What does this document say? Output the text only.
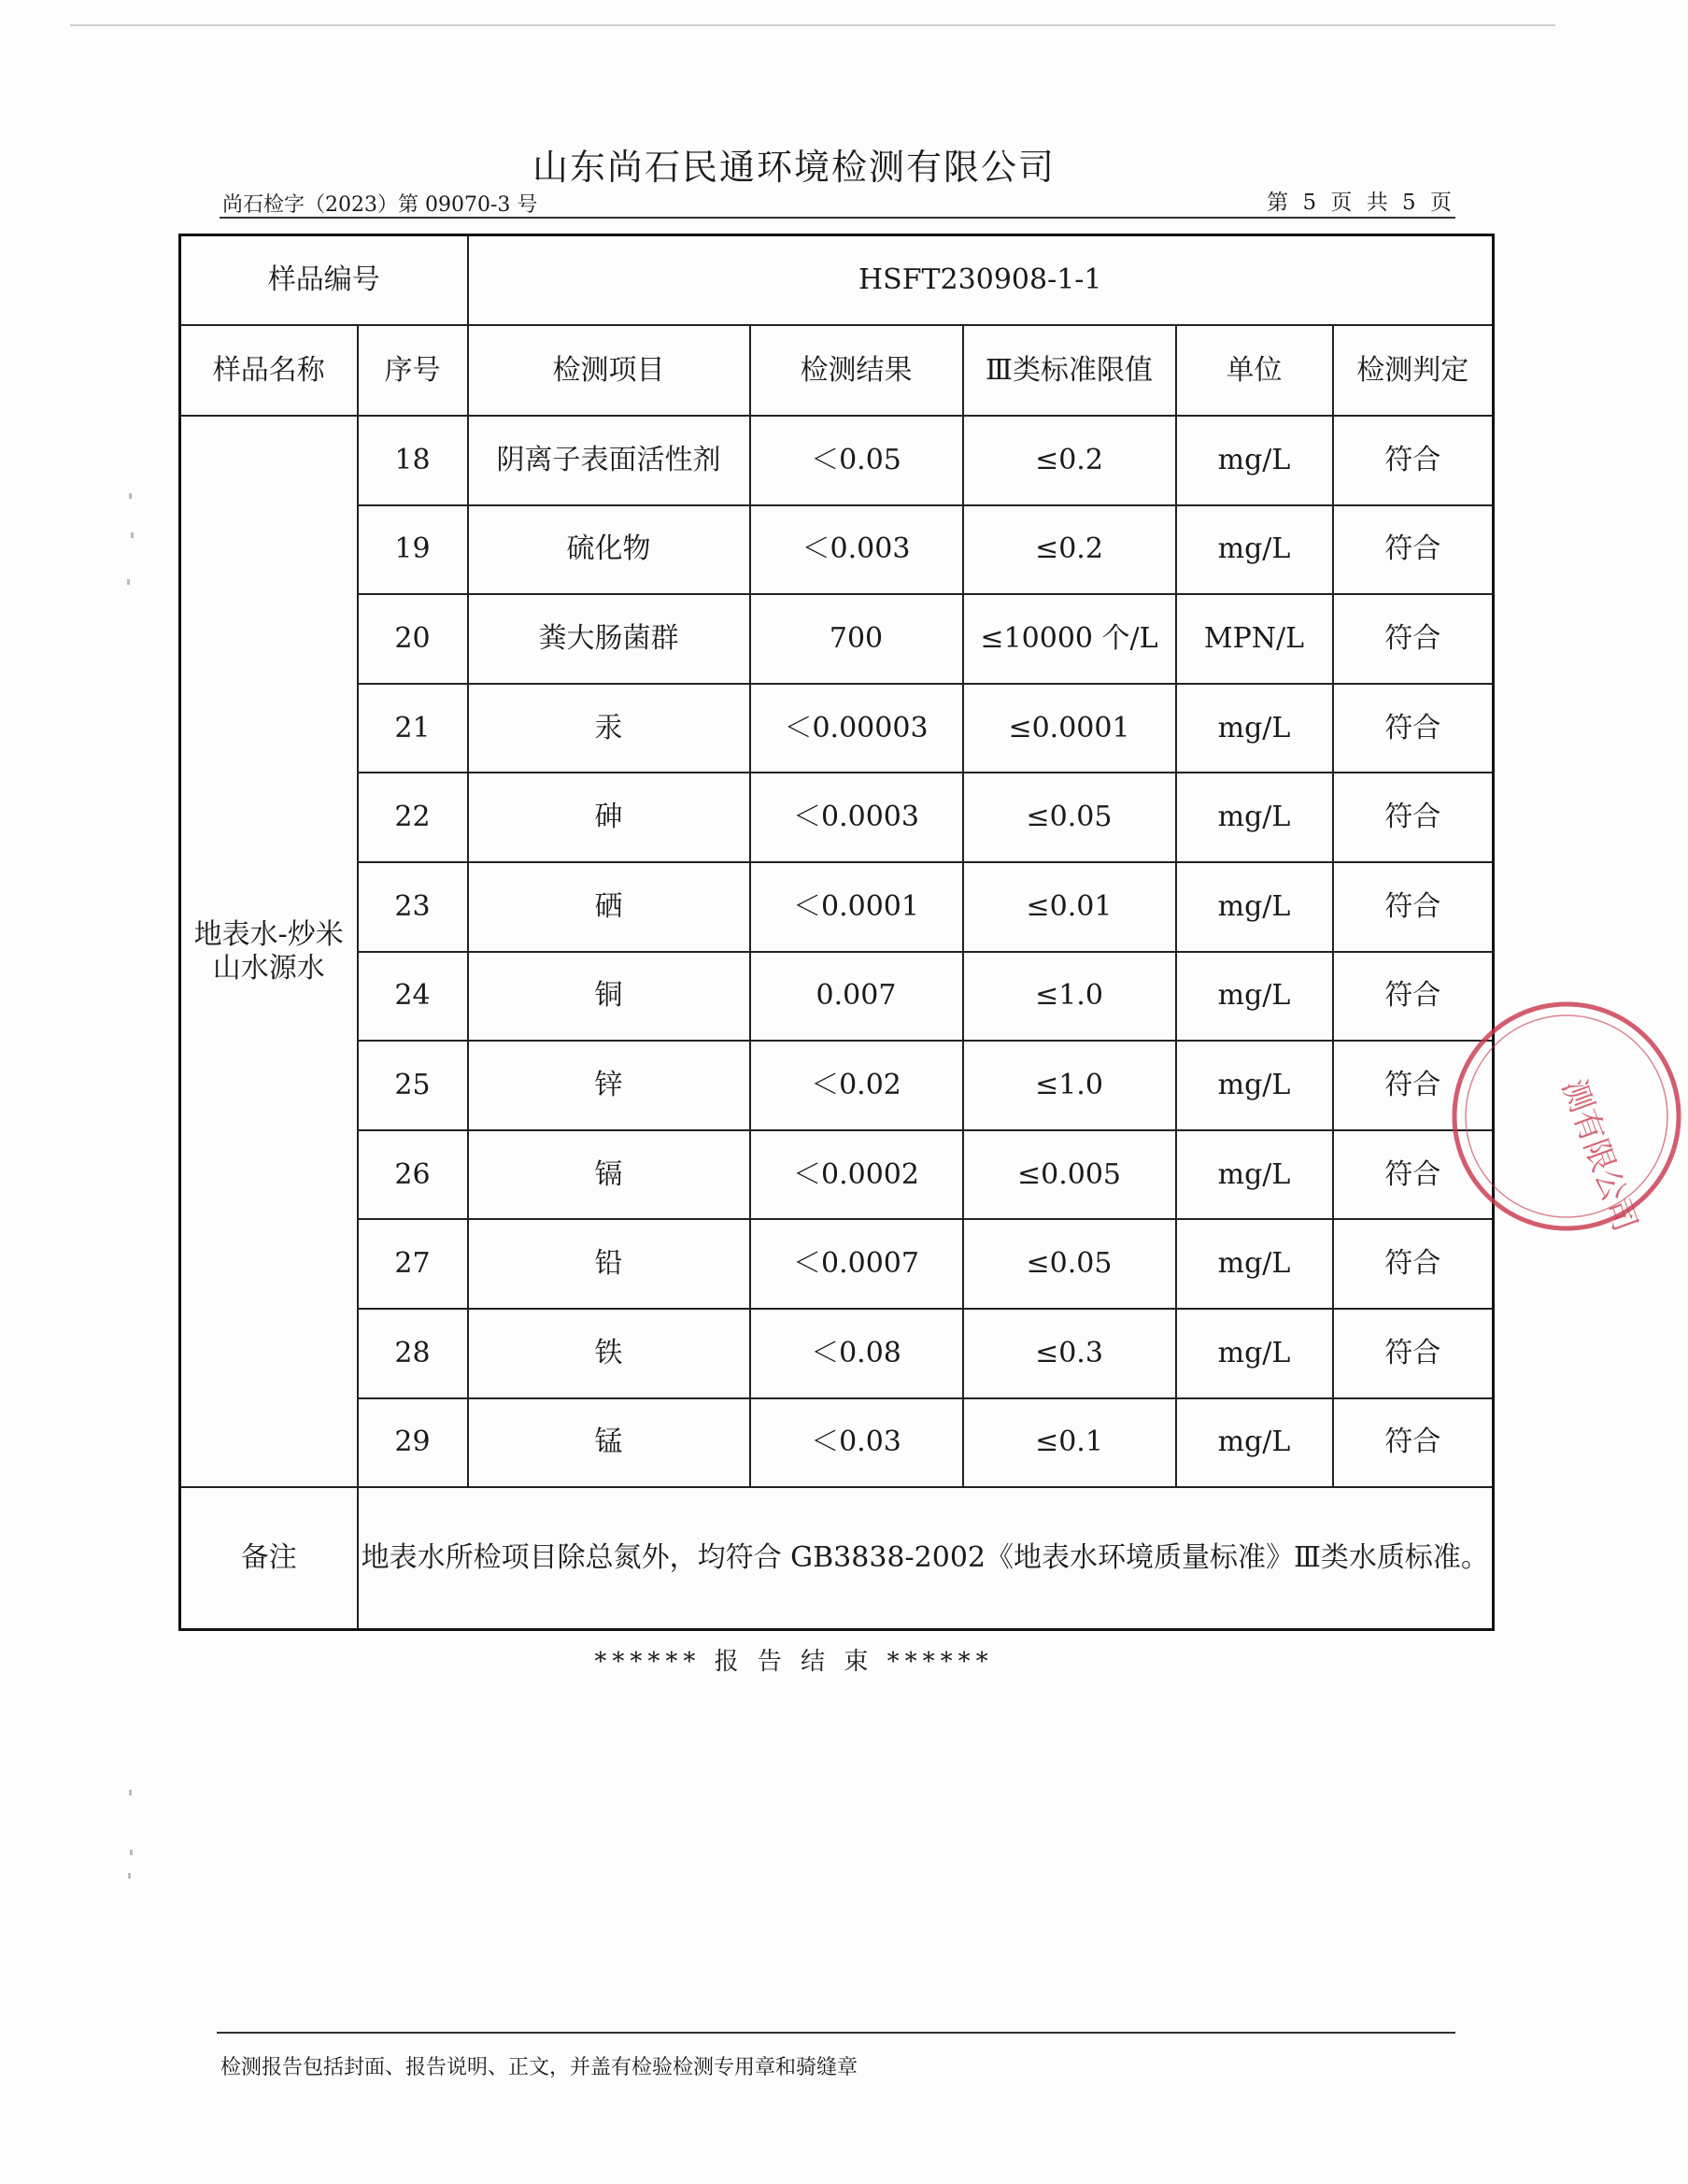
山东尚石民通环境检测有限公司
尚石检字（2023）第 09070-3 号	第 5 页 共 5 页
样品编号		HSFT230908-1-1				
样品名称	序号	检测项目	检测结果	Ⅲ类标准限值	单位	检测判定
地表水-炒米山水源水	18	阴离子表面活性剂	＜0.05	≤0.2	mg/L	符合
	19	硫化物	＜0.003	≤0.2	mg/L	符合
	20	粪大肠菌群	700	≤10000 个/L	MPN/L	符合
	21	汞	＜0.00003	≤0.0001	mg/L	符合
	22	砷	＜0.0003	≤0.05	mg/L	符合
	23	硒	＜0.0001	≤0.01	mg/L	符合
	24	铜	0.007	≤1.0	mg/L	符合
	25	锌	＜0.02	≤1.0	mg/L	符合
	26	镉	＜0.0002	≤0.005	mg/L	符合
	27	铅	＜0.0007	≤0.05	mg/L	符合
	28	铁	＜0.08	≤0.3	mg/L	符合
	29	锰	＜0.03	≤0.1	mg/L	符合
备注	地表水所检项目除总氮外，均符合 GB3838-2002《地表水环境质量标准》Ⅲ类水质标准。					
测有限公司
****** 报 告 结 束 ******
检测报告包括封面、报告说明、正文，并盖有检验检测专用章和骑缝章
